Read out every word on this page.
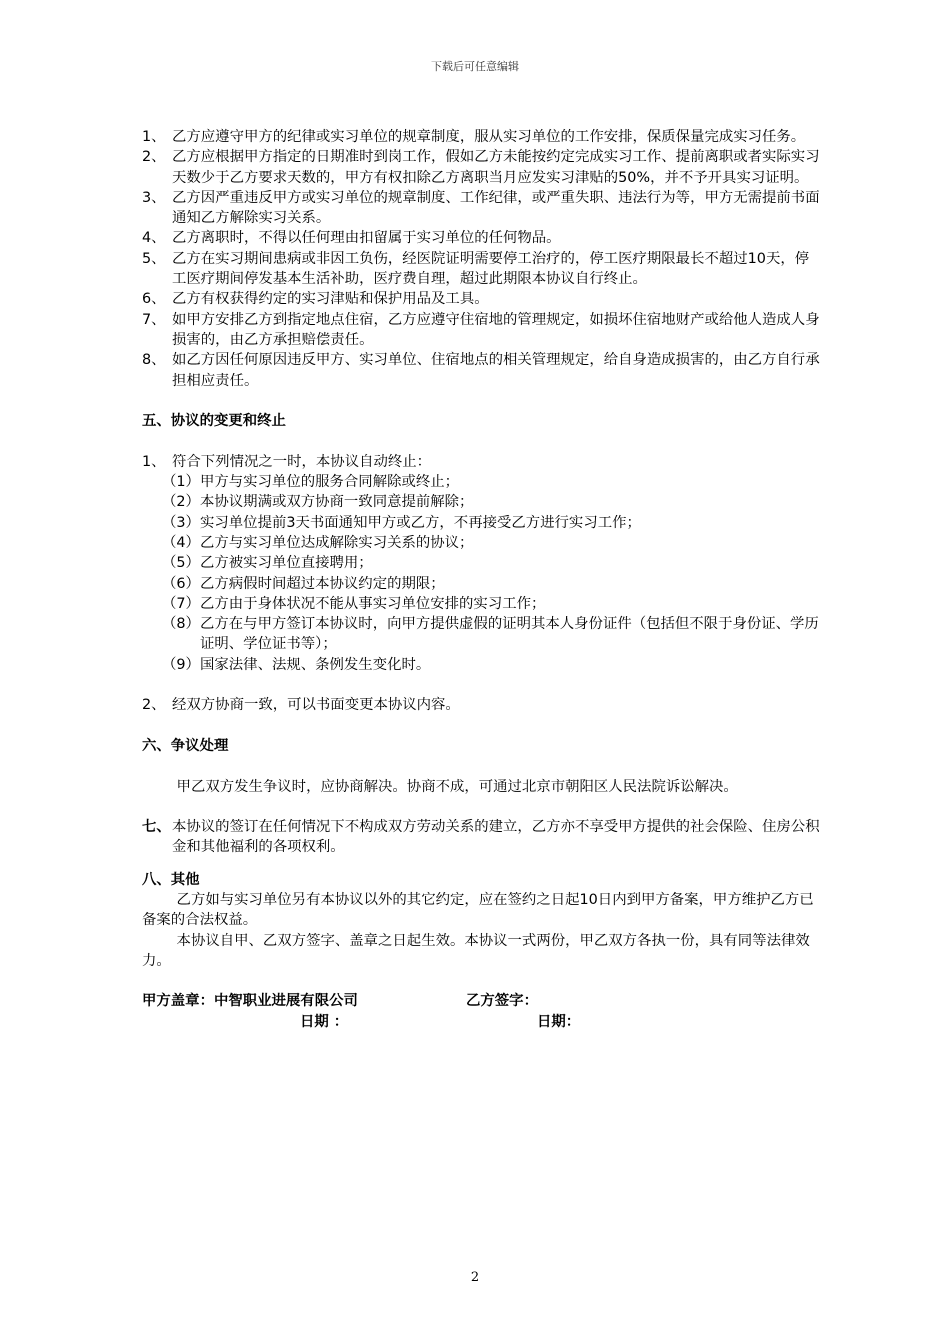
下载后可任意编辑
1、 乙方应遵守甲方的纪律或实习单位的规章制度，服从实习单位的工作安排，保质保量完成实习任务。
2、 乙方应根据甲方指定的日期准时到岗工作，假如乙方未能按约定完成实习工作、提前离职或者实际实习天数少于乙方要求天数的，甲方有权扣除乙方离职当月应发实习津贴的50%，并不予开具实习证明。
3、 乙方因严重违反甲方或实习单位的规章制度、工作纪律，或严重失职、违法行为等，甲方无需提前书面通知乙方解除实习关系。
4、 乙方离职时，不得以任何理由扣留属于实习单位的任何物品。
5、 乙方在实习期间患病或非因工负伤，经医院证明需要停工治疗的，停工医疗期限最长不超过10天，停工医疗期间停发基本生活补助，医疗费自理，超过此期限本协议自行终止。
6、 乙方有权获得约定的实习津贴和保护用品及工具。
7、 如甲方安排乙方到指定地点住宿，乙方应遵守住宿地的管理规定，如损坏住宿地财产或给他人造成人身损害的，由乙方承担赔偿责任。
8、 如乙方因任何原因违反甲方、实习单位、住宿地点的相关管理规定，给自身造成损害的，由乙方自行承担相应责任。
五、协议的变更和终止
1、 符合下列情况之一时，本协议自动终止：
（1） 甲方与实习单位的服务合同解除或终止；
（2） 本协议期满或双方协商一致同意提前解除；
（3） 实习单位提前3天书面通知甲方或乙方，不再接受乙方进行实习工作；
（4） 乙方与实习单位达成解除实习关系的协议；
（5） 乙方被实习单位直接聘用；
（6） 乙方病假时间超过本协议约定的期限；
（7） 乙方由于身体状况不能从事实习单位安排的实习工作；
（8） 乙方在与甲方签订本协议时，向甲方提供虚假的证明其本人身份证件（包括但不限于身份证、学历证明、学位证书等）；
（9） 国家法律、法规、条例发生变化时。
2、 经双方协商一致，可以书面变更本协议内容。
六、争议处理
甲乙双方发生争议时，应协商解决。协商不成，可通过北京市朝阳区人民法院诉讼解决。
七、 本协议的签订在任何情况下不构成双方劳动关系的建立，乙方亦不享受甲方提供的社会保险、住房公积金和其他福利的各项权利。
八、其他
乙方如与实习单位另有本协议以外的其它约定，应在签约之日起10日内到甲方备案，甲方维护乙方已备案的合法权益。
本协议自甲、乙双方签字、盖章之日起生效。本协议一式两份，甲乙双方各执一份，具有同等法律效力。
甲方盖章：中智职业进展有限公司	乙方签字：
日期 ：	日期：
2
